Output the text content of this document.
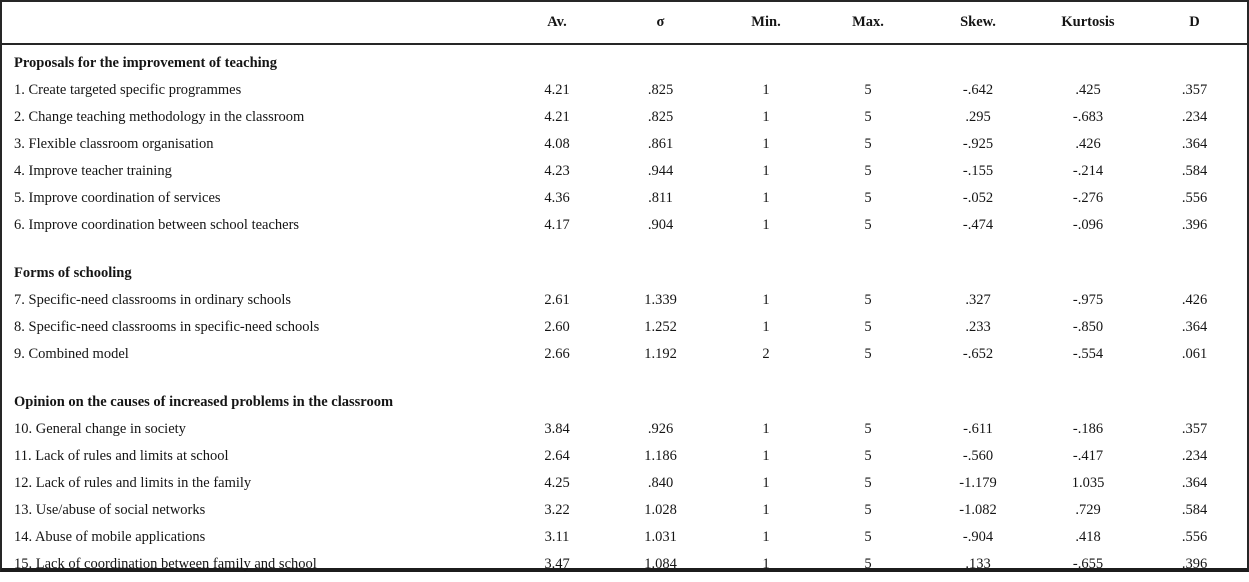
	Av.	σ	Min.	Max.	Skew.	Kurtosis	D
Proposals for the improvement of teaching							
1. Create targeted specific programmes	4.21	.825	1	5	-.642	.425	.357
2. Change teaching methodology in the classroom	4.21	.825	1	5	.295	-.683	.234
3. Flexible classroom organisation	4.08	.861	1	5	-.925	.426	.364
4. Improve teacher training	4.23	.944	1	5	-.155	-.214	.584
5. Improve coordination of services	4.36	.811	1	5	-.052	-.276	.556
6. Improve coordination between school teachers	4.17	.904	1	5	-.474	-.096	.396
Forms of schooling							
7. Specific-need classrooms in ordinary schools	2.61	1.339	1	5	.327	-.975	.426
8. Specific-need classrooms in specific-need schools	2.60	1.252	1	5	.233	-.850	.364
9. Combined model	2.66	1.192	2	5	-.652	-.554	.061
Opinion on the causes of increased problems in the classroom							
10. General change in society	3.84	.926	1	5	-.611	-.186	.357
11. Lack of rules and limits at school	2.64	1.186	1	5	-.560	-.417	.234
12. Lack of rules and limits in the family	4.25	.840	1	5	-1.179	1.035	.364
13. Use/abuse of social networks	3.22	1.028	1	5	-1.082	.729	.584
14. Abuse of mobile applications	3.11	1.031	1	5	-.904	.418	.556
15. Lack of coordination between family and school	3.47	1.084	1	5	.133	-.655	.396
